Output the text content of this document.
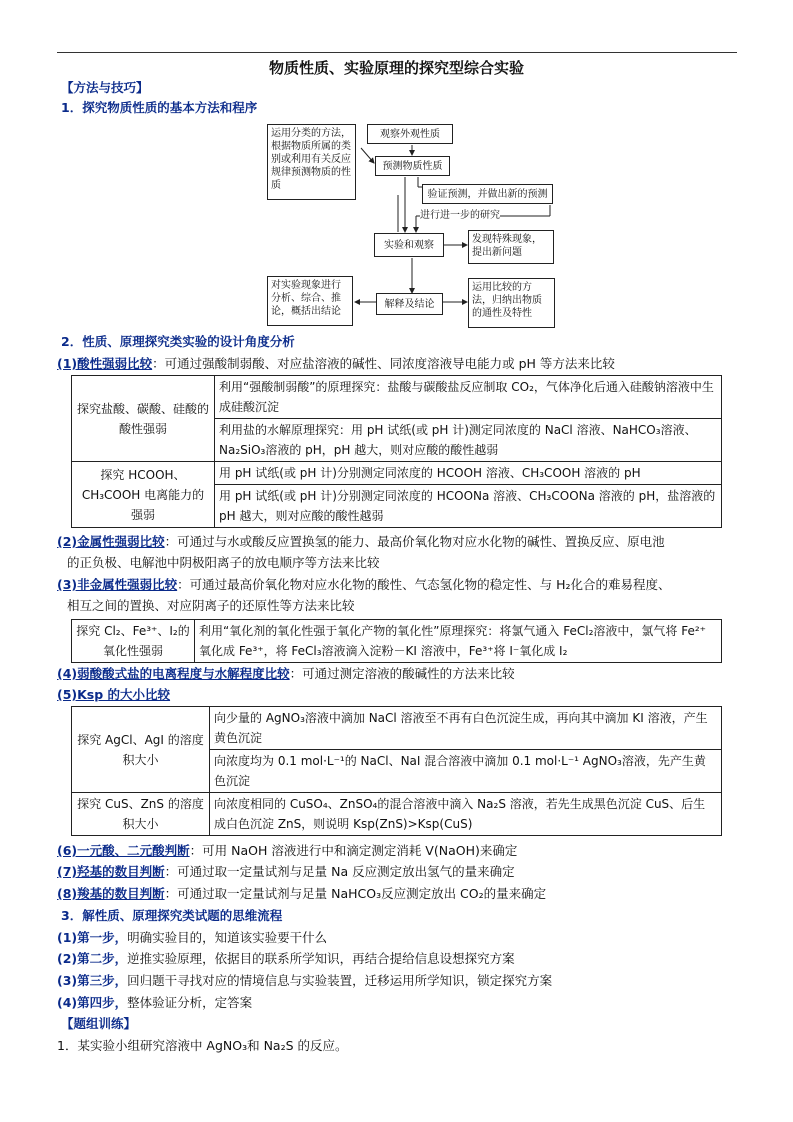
物质性质、实验原理的探究型综合实验
【方法与技巧】
1．探究物质性质的基本方法和程序
运用分类的方法，根据物质所属的类别或利用有关反应规律预测物质的性质
观察外观性质
预测物质性质
验证预测，并做出新的预测
进行进一步的研究
实验和观察	发现特殊现象，提出新问题
对实验现象进行分析、综合、推论，概括出结论
解释及结论
运用比较的方法，归纳出物质的通性及特性
2．性质、原理探究类实验的设计角度分析
(1)酸性强弱比较：可通过强酸制弱酸、对应盐溶液的碱性、同浓度溶液导电能力或 pH 等方法来比较
探究盐酸、碳酸、硅酸的酸性强弱	利用“强酸制弱酸”的原理探究：盐酸与碳酸盐反应制取 CO₂，气体净化后通入硅酸钠溶液中生成硅酸沉淀
	利用盐的水解原理探究：用 pH 试纸(或 pH 计)测定同浓度的 NaCl 溶液、NaHCO₃溶液、Na₂SiO₃溶液的 pH，pH 越大，则对应酸的酸性越弱
探究 HCOOH、CH₃COOH 电离能力的强弱	用 pH 试纸(或 pH 计)分别测定同浓度的 HCOOH 溶液、CH₃COOH 溶液的 pH
	用 pH 试纸(或 pH 计)分别测定同浓度的 HCOONa 溶液、CH₃COONa 溶液的 pH，盐溶液的 pH 越大，则对应酸的酸性越弱
(2)金属性强弱比较：可通过与水或酸反应置换氢的能力、最高价氧化物对应水化物的碱性、置换反应、原电池
的正负极、电解池中阴极阳离子的放电顺序等方法来比较
(3)非金属性强弱比较：可通过最高价氧化物对应水化物的酸性、气态氢化物的稳定性、与 H₂化合的难易程度、
相互之间的置换、对应阴离子的还原性等方法来比较
探究 Cl₂、Fe³⁺、I₂的氧化性强弱	利用“氧化剂的氧化性强于氧化产物的氧化性”原理探究：将氯气通入 FeCl₂溶液中，氯气将 Fe²⁺氧化成 Fe³⁺，将 FeCl₃溶液滴入淀粉－KI 溶液中，Fe³⁺将 I⁻氧化成 I₂
(4)弱酸酸式盐的电离程度与水解程度比较：可通过测定溶液的酸碱性的方法来比较
(5)Ksp 的大小比较
探究 AgCl、AgI 的溶度积大小	向少量的 AgNO₃溶液中滴加 NaCl 溶液至不再有白色沉淀生成，再向其中滴加 KI 溶液，产生黄色沉淀
	向浓度均为 0.1 mol·L⁻¹的 NaCl、NaI 混合溶液中滴加 0.1 mol·L⁻¹ AgNO₃溶液，先产生黄色沉淀
探究 CuS、ZnS 的溶度积大小	向浓度相同的 CuSO₄、ZnSO₄的混合溶液中滴入 Na₂S 溶液，若先生成黑色沉淀 CuS、后生成白色沉淀 ZnS，则说明 Ksp(ZnS)>Ksp(CuS)
(6)一元酸、二元酸判断：可用 NaOH 溶液进行中和滴定测定消耗 V(NaOH)来确定
(7)羟基的数目判断：可通过取一定量试剂与足量 Na 反应测定放出氢气的量来确定
(8)羧基的数目判断：可通过取一定量试剂与足量 NaHCO₃反应测定放出 CO₂的量来确定
3．解性质、原理探究类试题的思维流程
(1)第一步，明确实验目的，知道该实验要干什么
(2)第二步，逆推实验原理，依据目的联系所学知识，再结合提给信息设想探究方案
(3)第三步，回归题干寻找对应的情境信息与实验装置，迁移运用所学知识，锁定探究方案
(4)第四步，整体验证分析，定答案
【题组训练】
1．某实验小组研究溶液中 AgNO₃和 Na₂S 的反应。
